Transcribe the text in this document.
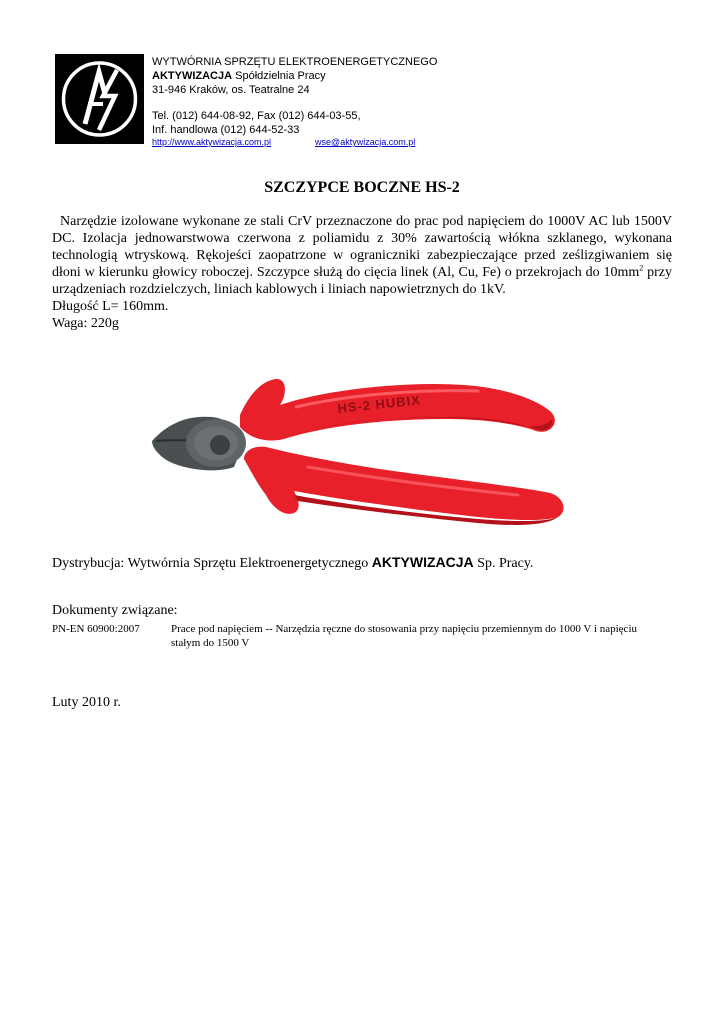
WYTWÓRNIA SPRZĘTU ELEKTROENERGETYCZNEGO
AKTYWIZACJA Spółdzielnia Pracy
31-946 Kraków, os. Teatralne 24
Tel. (012) 644-08-92, Fax (012) 644-03-55,
Inf. handlowa (012) 644-52-33
http://www.aktywizacja.com.pl	wse@aktywizacja.com.pl
SZCZYPCE BOCZNE HS-2

Narzędzie izolowane wykonane ze stali CrV przeznaczone do prac pod napięciem do 1000V AC lub 1500V DC. Izolacja jednowarstwowa czerwona z poliamidu z 30% zawartością włókna szklanego, wykonana technologią wtryskową. Rękojeści zaopatrzone w ograniczniki zabezpieczające przed ześlizgiwaniem się dłoni w kierunku głowicy roboczej. Szczypce służą do cięcia linek (Al, Cu, Fe) o przekrojach do $10mm^2$ przy urządzeniach rozdzielczych, liniach kablowych i liniach napowietrznych do 1kV.

Długość L= 160mm.

Waga: 220g

HS-2 HUBIX
Dystrybucja: Wytwórnia Sprzętu Elektroenergetycznego AKTYWIZACJA Sp. Pracy.
Dokumenty związane:
PN-EN 60900:2007	Prace pod napięciem -- Narzędzia ręczne do stosowania przy napięciu przemiennym do 1000 V i napięciu stałym do 1500 V
Luty 2010 r.
